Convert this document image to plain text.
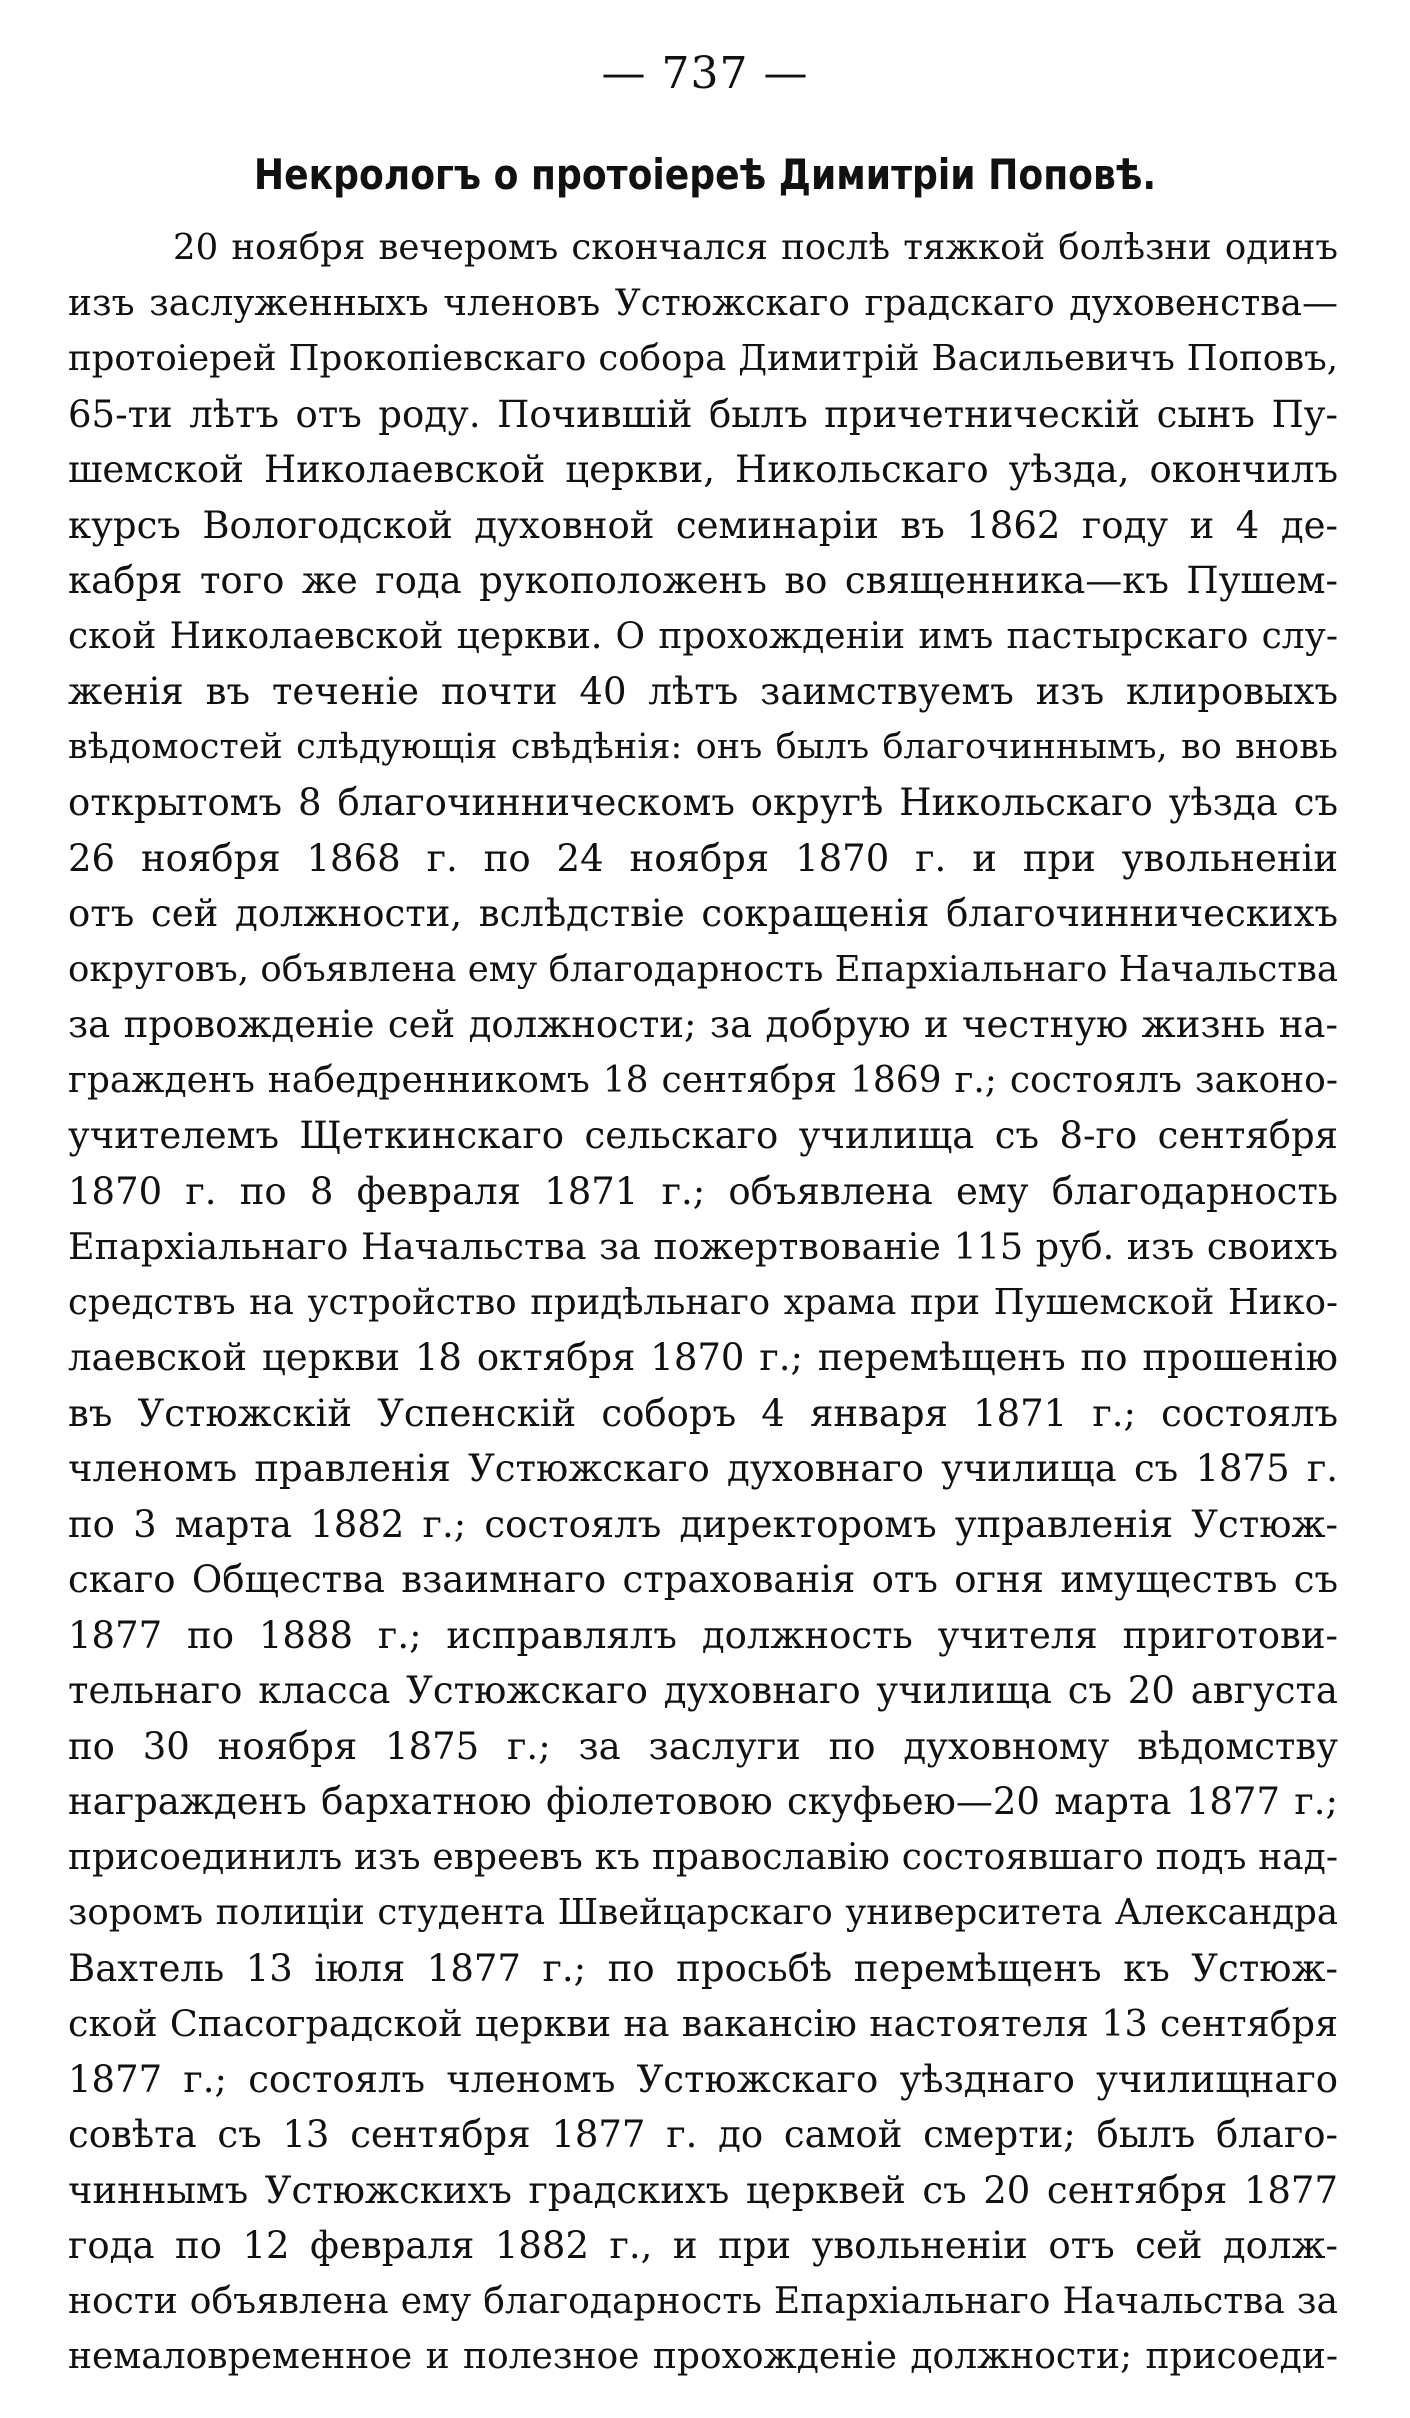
— 737 —
Некрологъ о протоіереѣ Димитріи Поповѣ.
20 ноября вечеромъ скончался послѣ тяжкой болѣзни одинъ
изъ заслуженныхъ членовъ Устюжскаго градскаго духовенства—
протоіерей Прокопіевскаго собора Димитрій Васильевичъ Поповъ,
65-ти лѣтъ отъ роду. Почившій былъ причетническій сынъ Пу-
шемской Николаевской церкви, Никольскаго уѣзда, окончилъ
курсъ Вологодской духовной семинаріи въ 1862 году и 4 де-
кабря того же года рукоположенъ во священника—къ Пушем-
ской Николаевской церкви. О прохожденіи имъ пастырскаго слу-
женія въ теченіе почти 40 лѣтъ заимствуемъ изъ клировыхъ
вѣдомостей слѣдующія свѣдѣнія: онъ былъ благочиннымъ, во вновь
открытомъ 8 благочинническомъ округѣ Никольскаго уѣзда съ
26 ноября 1868 г. по 24 ноября 1870 г. и при увольненіи
отъ сей должности, вслѣдствіе сокращенія благочинническихъ
округовъ, объявлена ему благодарность Епархіальнаго Начальства
за провожденіе сей должности; за добрую и честную жизнь на-
гражденъ набедренникомъ 18 сентября 1869 г.; состоялъ законо-
учителемъ Щеткинскаго сельскаго училища съ 8-го сентября
1870 г. по 8 февраля 1871 г.; объявлена ему благодарность
Епархіальнаго Начальства за пожертвованіе 115 руб. изъ своихъ
средствъ на устройство придѣльнаго храма при Пушемской Нико-
лаевской церкви 18 октября 1870 г.; перемѣщенъ по прошенію
въ Устюжскій Успенскій соборъ 4 января 1871 г.; состоялъ
членомъ правленія Устюжскаго духовнаго училища съ 1875 г.
по 3 марта 1882 г.; состоялъ директоромъ управленія Устюж-
скаго Общества взаимнаго страхованія отъ огня имуществъ съ
1877 по 1888 г.; исправлялъ должность учителя приготови-
тельнаго класса Устюжскаго духовнаго училища съ 20 августа
по 30 ноября 1875 г.; за заслуги по духовному вѣдомству
награжденъ бархатною фіолетовою скуфьею—20 марта 1877 г.;
присоединилъ изъ евреевъ къ православію состоявшаго подъ над-
зоромъ полиціи студента Швейцарскаго университета Александра
Вахтель 13 іюля 1877 г.; по просьбѣ перемѣщенъ къ Устюж-
ской Спасоградской церкви на вакансію настоятеля 13 сентября
1877 г.; состоялъ членомъ Устюжскаго уѣзднаго училищнаго
совѣта съ 13 сентября 1877 г. до самой смерти; былъ благо-
чиннымъ Устюжскихъ градскихъ церквей съ 20 сентября 1877
года по 12 февраля 1882 г., и при увольненіи отъ сей долж-
ности объявлена ему благодарность Епархіальнаго Начальства за
немаловременное и полезное прохожденіе должности; присоеди-
